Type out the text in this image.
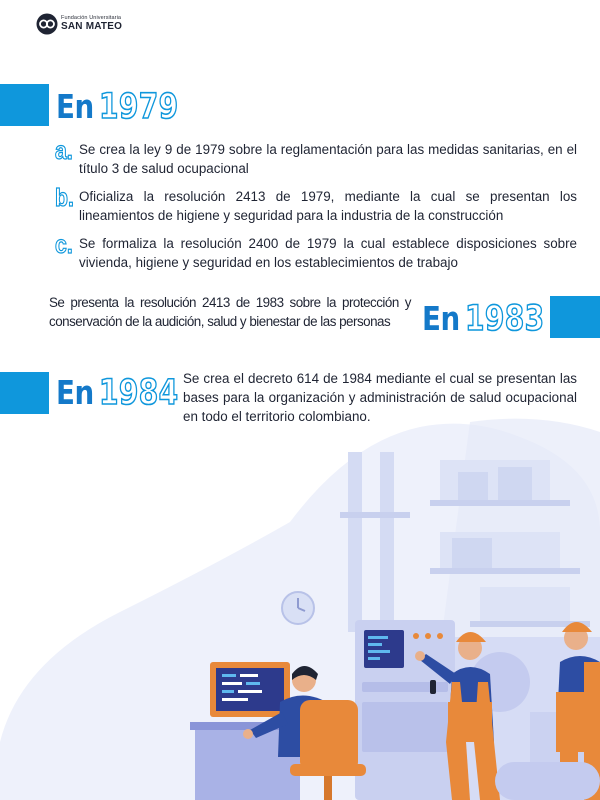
Fundación Universitaria
SAN MATEO
En 1979
a. Se crea la ley 9 de 1979 sobre la reglamentación para las medidas sanitarias, en el título 3 de salud ocupacional
b. Oficializa la resolución 2413 de 1979, mediante la cual se presentan los lineamientos de higiene y seguridad para la industria de la construcción
c. Se formaliza la resolución 2400 de 1979 la cual establece disposiciones sobre vivienda, higiene y seguridad en los establecimientos de trabajo
Se presenta la resolución 2413 de 1983 sobre la protección y conservación de la audición, salud y bienestar de las personas En 1983
En 1984 Se crea el decreto 614 de 1984 mediante el cual se presentan las bases para la organización y administración de salud ocupacional en todo el territorio colombiano.
